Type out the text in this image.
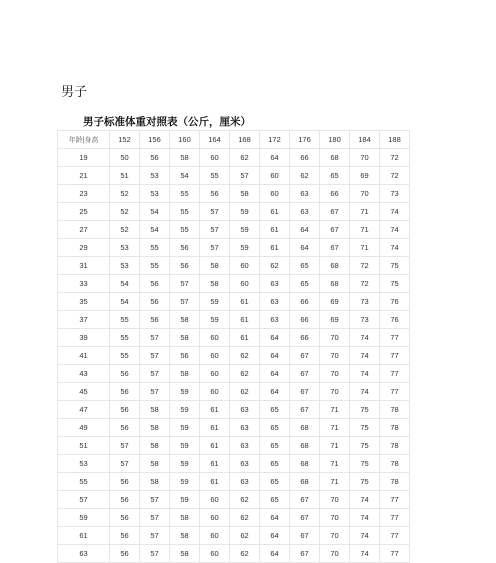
男子
男子标准体重对照表（公斤，厘米）
年龄|身高	152	156	160	164	168	172	176	180	184	188
19	50	56	58	60	62	64	66	68	70	72
21	51	53	54	55	57	60	62	65	69	72
23	52	53	55	56	58	60	63	66	70	73
25	52	54	55	57	59	61	63	67	71	74
27	52	54	55	57	59	61	64	67	71	74
29	53	55	56	57	59	61	64	67	71	74
31	53	55	56	58	60	62	65	68	72	75
33	54	56	57	58	60	63	65	68	72	75
35	54	56	57	59	61	63	66	69	73	76
37	55	56	58	59	61	63	66	69	73	76
39	55	57	58	60	61	64	66	70	74	77
41	55	57	56	60	62	64	67	70	74	77
43	56	57	58	60	62	64	67	70	74	77
45	56	57	59	60	62	64	67	70	74	77
47	56	58	59	61	63	65	67	71	75	78
49	56	58	59	61	63	65	68	71	75	78
51	57	58	59	61	63	65	68	71	75	78
53	57	58	59	61	63	65	68	71	75	78
55	56	58	59	61	63	65	68	71	75	78
57	56	57	59	60	62	65	67	70	74	77
59	56	57	58	60	62	64	67	70	74	77
61	56	57	58	60	62	64	67	70	74	77
63	56	57	58	60	62	64	67	70	74	77
